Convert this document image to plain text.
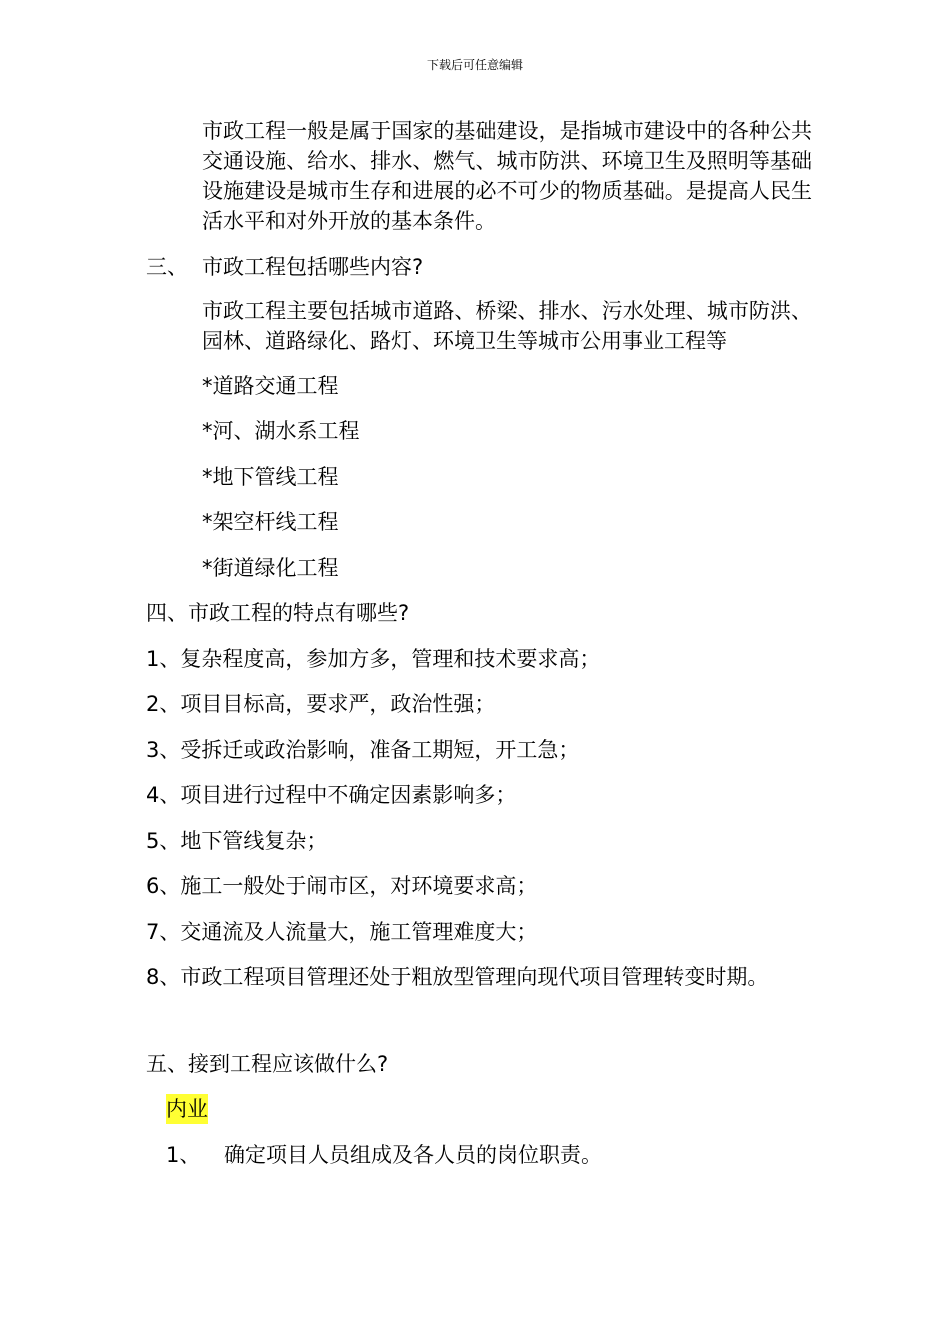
下载后可任意编辑
市政工程一般是属于国家的基础建设，是指城市建设中的各种公共交通设施、给水、排水、燃气、城市防洪、环境卫生及照明等基础设施建设是城市生存和进展的必不可少的物质基础。是提高人民生活水平和对外开放的基本条件。
三、 市政工程包括哪些内容?
市政工程主要包括城市道路、桥梁、排水、污水处理、城市防洪、园林、道路绿化、路灯、环境卫生等城市公用事业工程等
*道路交通工程
*河、湖水系工程
*地下管线工程
*架空杆线工程
*街道绿化工程
四、市政工程的特点有哪些?
1、复杂程度高，参加方多，管理和技术要求高；
2、项目目标高，要求严，政治性强；
3、受拆迁或政治影响，准备工期短，开工急；
4、项目进行过程中不确定因素影响多；
5、地下管线复杂；
6、施工一般处于闹市区，对环境要求高；
7、交通流及人流量大，施工管理难度大；
8、市政工程项目管理还处于粗放型管理向现代项目管理转变时期。
五、接到工程应该做什么?
内业
1、 确定项目人员组成及各人员的岗位职责。
